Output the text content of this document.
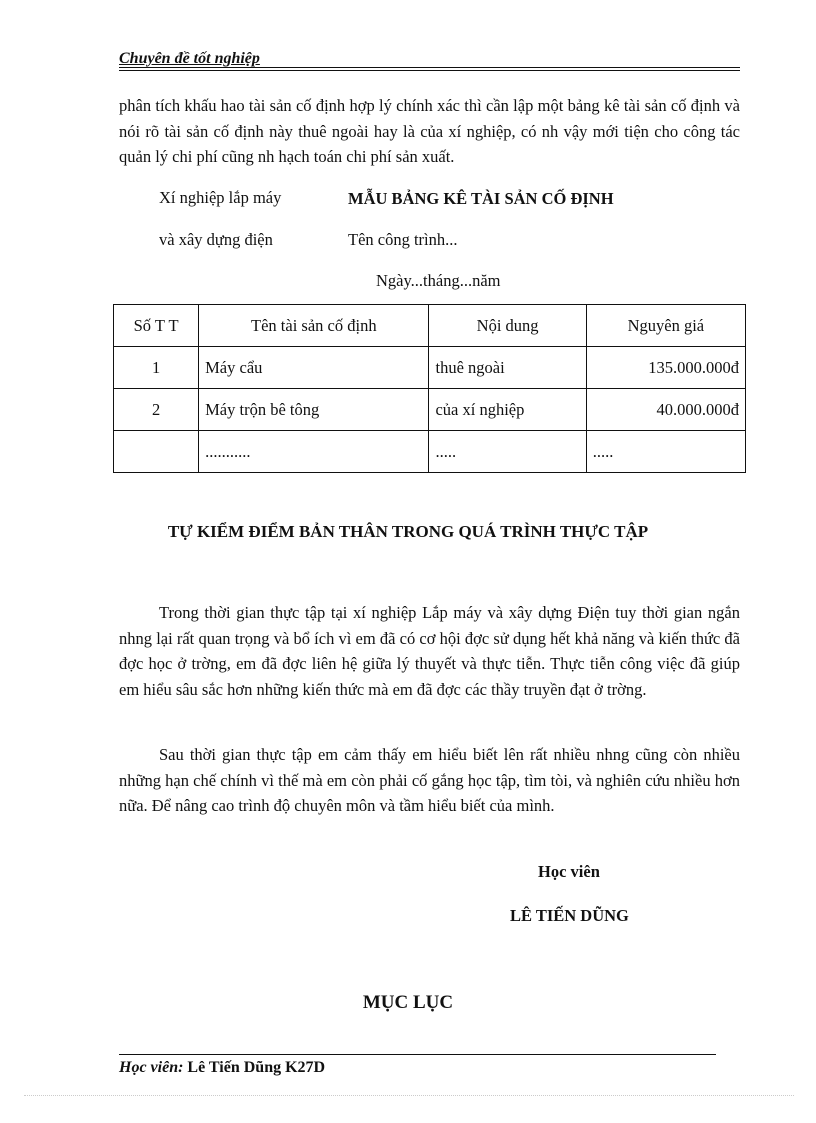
Chuyên đề tốt nghiệp
phân tích khấu hao tài sản cố định hợp lý chính xác thì cần lập một bảng kê tài sản cố định và nói rõ tài sản cố định này thuê ngoài hay là của xí nghiệp, có nh vậy mới tiện cho công tác quản lý chi phí cũng nh hạch toán chi phí sản xuất.
Xí nghiệp lắp máy	MẪU BẢNG KÊ TÀI SẢN CỐ ĐỊNH
và xây dựng điện	Tên công trình...
Ngày...tháng...năm
Số T T	Tên tài sản cố định	Nội dung	Nguyên giá
1	Máy cẩu	thuê ngoài	135.000.000đ
2	Máy trộn bê tông	của xí nghiệp	40.000.000đ
	...........	.....	.....
TỰ KIỂM ĐIỂM BẢN THÂN TRONG QUÁ TRÌNH THỰC TẬP
Trong thời gian thực tập tại xí nghiệp Lắp máy và xây dựng Điện tuy thời gian ngắn nhng lại rất quan trọng và bổ ích vì em đã có cơ hội đợc sử dụng hết khả năng và kiến thức đã đợc học ở trờng, em đã đợc liên hệ giữa lý thuyết và thực tiễn. Thực tiễn công việc đã giúp em hiểu sâu sắc hơn những kiến thức mà em đã đợc các thầy truyền đạt ở trờng.
Sau thời gian thực tập em cảm thấy em hiểu biết lên rất nhiều nhng cũng còn nhiều những hạn chế chính vì thế mà em còn phải cố gắng học tập, tìm tòi, và nghiên cứu nhiều hơn nữa. Để nâng cao trình độ chuyên môn và tầm hiểu biết của mình.
Học viên
LÊ TIẾN DŨNG
MỤC LỤC
Học viên: Lê Tiến Dũng K27D
